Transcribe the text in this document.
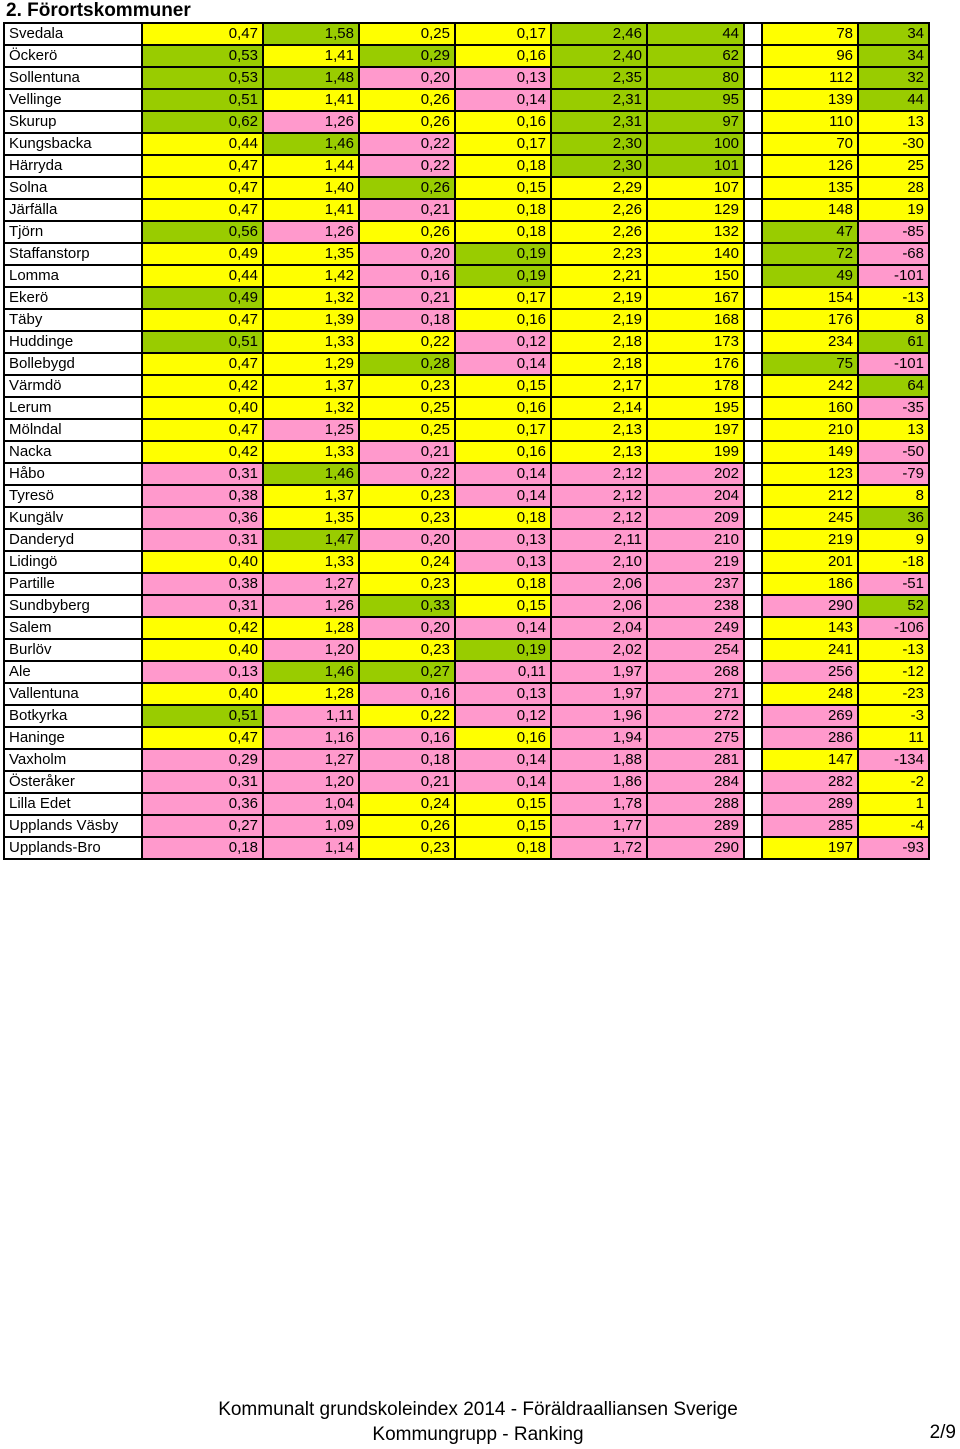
2. Förortskommuner
Svedala	0,47	1,58	0,25	0,17	2,46	44		78	34
Öckerö	0,53	1,41	0,29	0,16	2,40	62		96	34
Sollentuna	0,53	1,48	0,20	0,13	2,35	80		112	32
Vellinge	0,51	1,41	0,26	0,14	2,31	95		139	44
Skurup	0,62	1,26	0,26	0,16	2,31	97		110	13
Kungsbacka	0,44	1,46	0,22	0,17	2,30	100		70	-30
Härryda	0,47	1,44	0,22	0,18	2,30	101		126	25
Solna	0,47	1,40	0,26	0,15	2,29	107		135	28
Järfälla	0,47	1,41	0,21	0,18	2,26	129		148	19
Tjörn	0,56	1,26	0,26	0,18	2,26	132		47	-85
Staffanstorp	0,49	1,35	0,20	0,19	2,23	140		72	-68
Lomma	0,44	1,42	0,16	0,19	2,21	150		49	-101
Ekerö	0,49	1,32	0,21	0,17	2,19	167		154	-13
Täby	0,47	1,39	0,18	0,16	2,19	168		176	8
Huddinge	0,51	1,33	0,22	0,12	2,18	173		234	61
Bollebygd	0,47	1,29	0,28	0,14	2,18	176		75	-101
Värmdö	0,42	1,37	0,23	0,15	2,17	178		242	64
Lerum	0,40	1,32	0,25	0,16	2,14	195		160	-35
Mölndal	0,47	1,25	0,25	0,17	2,13	197		210	13
Nacka	0,42	1,33	0,21	0,16	2,13	199		149	-50
Håbo	0,31	1,46	0,22	0,14	2,12	202		123	-79
Tyresö	0,38	1,37	0,23	0,14	2,12	204		212	8
Kungälv	0,36	1,35	0,23	0,18	2,12	209		245	36
Danderyd	0,31	1,47	0,20	0,13	2,11	210		219	9
Lidingö	0,40	1,33	0,24	0,13	2,10	219		201	-18
Partille	0,38	1,27	0,23	0,18	2,06	237		186	-51
Sundbyberg	0,31	1,26	0,33	0,15	2,06	238		290	52
Salem	0,42	1,28	0,20	0,14	2,04	249		143	-106
Burlöv	0,40	1,20	0,23	0,19	2,02	254		241	-13
Ale	0,13	1,46	0,27	0,11	1,97	268		256	-12
Vallentuna	0,40	1,28	0,16	0,13	1,97	271		248	-23
Botkyrka	0,51	1,11	0,22	0,12	1,96	272		269	-3
Haninge	0,47	1,16	0,16	0,16	1,94	275		286	11
Vaxholm	0,29	1,27	0,18	0,14	1,88	281		147	-134
Österåker	0,31	1,20	0,21	0,14	1,86	284		282	-2
Lilla Edet	0,36	1,04	0,24	0,15	1,78	288		289	1
Upplands Väsby	0,27	1,09	0,26	0,15	1,77	289		285	-4
Upplands-Bro	0,18	1,14	0,23	0,18	1,72	290		197	-93
Kommunalt grundskoleindex 2014 - Föräldraalliansen Sverige
Kommungrupp - Ranking	2/9
